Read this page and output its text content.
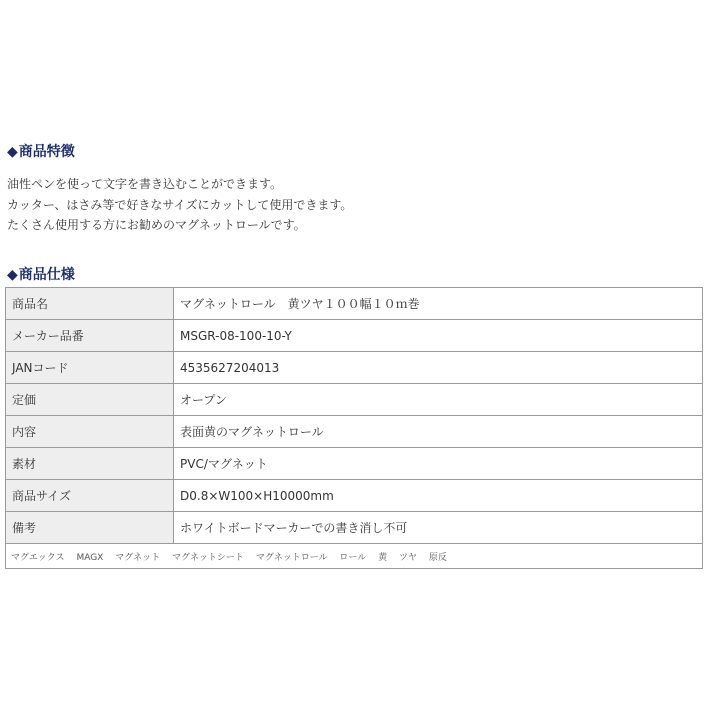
◆商品特徴

油性ペンを使って文字を書き込むことができます。

カッター、はさみ等で好きなサイズにカットして使用できます。

たくさん使用する方にお勧めのマグネットロールです。

◆商品仕様
商品名	マグネットロール　黄ツヤ１００幅１０ｍ巻
メーカー品番	MSGR-08-100-10-Y
JANコード	4535627204013
定価	オープン
内容	表面黄のマグネットロール
素材	PVC/マグネット
商品サイズ	D0.8×W100×H10000mm
備考	ホワイトボードマーカーでの書き消し不可
マグエックス MAGX マグネット マグネットシート マグネットロール ロール 黄 ツヤ 原反	
